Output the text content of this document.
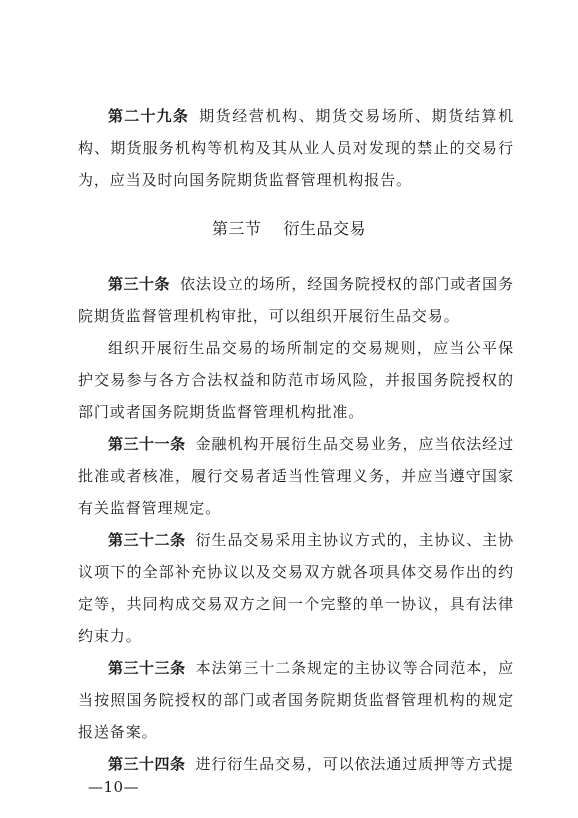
第二十九条 期货经营机构、期货交易场所、期货结算机构、期货服务机构等机构及其从业人员对发现的禁止的交易行为，应当及时向国务院期货监督管理机构报告。

第三节 衍生品交易

第三十条 依法设立的场所，经国务院授权的部门或者国务院期货监督管理机构审批，可以组织开展衍生品交易。

组织开展衍生品交易的场所制定的交易规则，应当公平保护交易参与各方合法权益和防范市场风险，并报国务院授权的部门或者国务院期货监督管理机构批准。

第三十一条 金融机构开展衍生品交易业务，应当依法经过批准或者核准，履行交易者适当性管理义务，并应当遵守国家有关监督管理规定。

第三十二条 衍生品交易采用主协议方式的，主协议、主协议项下的全部补充协议以及交易双方就各项具体交易作出的约定等，共同构成交易双方之间一个完整的单一协议，具有法律约束力。

第三十三条 本法第三十二条规定的主协议等合同范本，应当按照国务院授权的部门或者国务院期货监督管理机构的规定报送备案。

第三十四条 进行衍生品交易，可以依法通过质押等方式提

—10—
